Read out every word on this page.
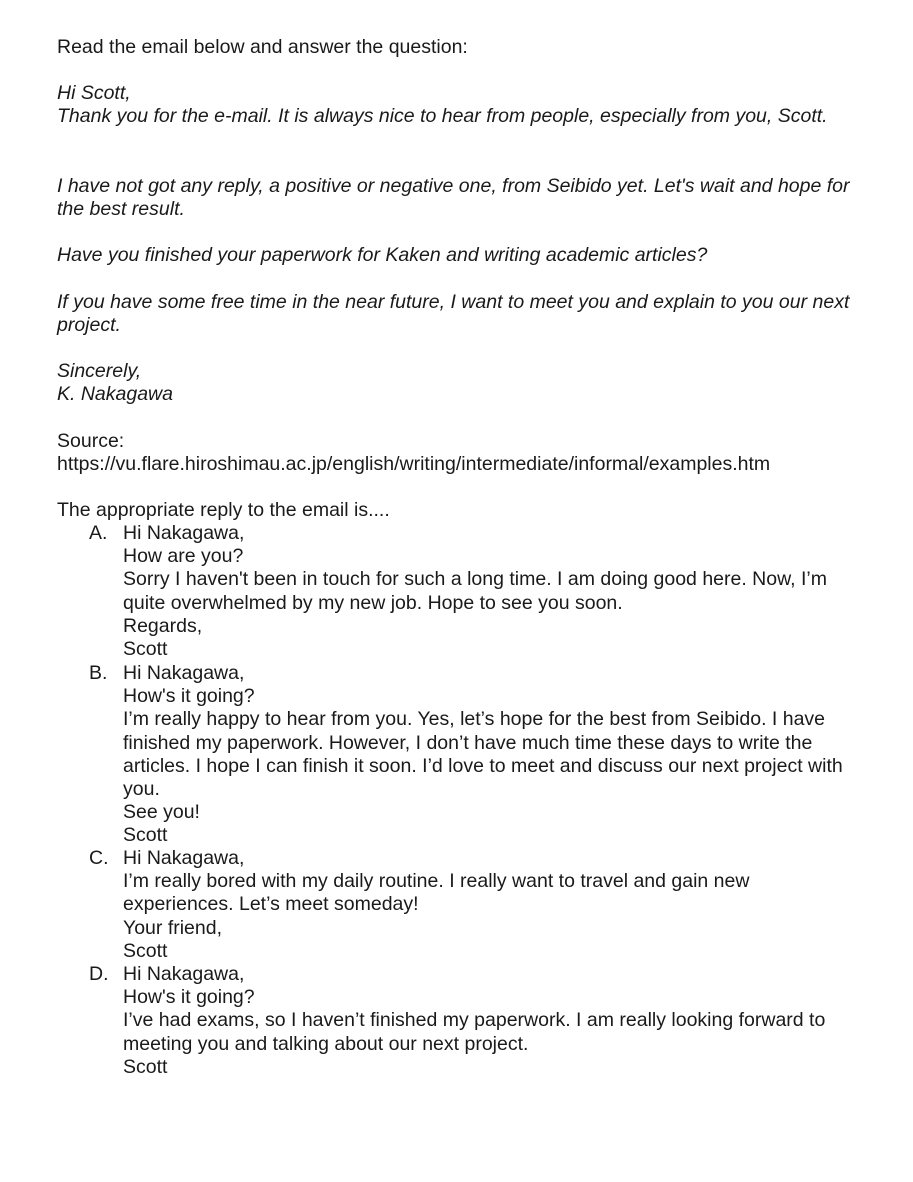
Read the email below and answer the question:
Hi Scott,
Thank you for the e-mail. It is always nice to hear from people, especially from you, Scott.
I have not got any reply, a positive or negative one, from Seibido yet. Let's wait and hope for the best result.
Have you finished your paperwork for Kaken and writing academic articles?
If you have some free time in the near future, I want to meet you and explain to you our next project.

Sincerely,

K. Nakagawa

Source:

https://vu.flare.hiroshimau.ac.jp/english/writing/intermediate/informal/examples.htm

The appropriate reply to the email is....
A. Hi Nakagawa,

How are you?

Sorry I haven't been in touch for such a long time. I am doing good here. Now, I’m quite overwhelmed by my new job. Hope to see you soon.

Regards,

Scott

B. Hi Nakagawa,

How's it going?

I’m really happy to hear from you. Yes, let’s hope for the best from Seibido. I have finished my paperwork. However, I don’t have much time these days to write the articles. I hope I can finish it soon. I’d love to meet and discuss our next project with you.

See you!

Scott

C. Hi Nakagawa,

I’m really bored with my daily routine. I really want to travel and gain new experiences. Let’s meet someday!

Your friend,

Scott

D. Hi Nakagawa,

How's it going?

I’ve had exams, so I haven’t finished my paperwork. I am really looking forward to meeting you and talking about our next project.

Scott
